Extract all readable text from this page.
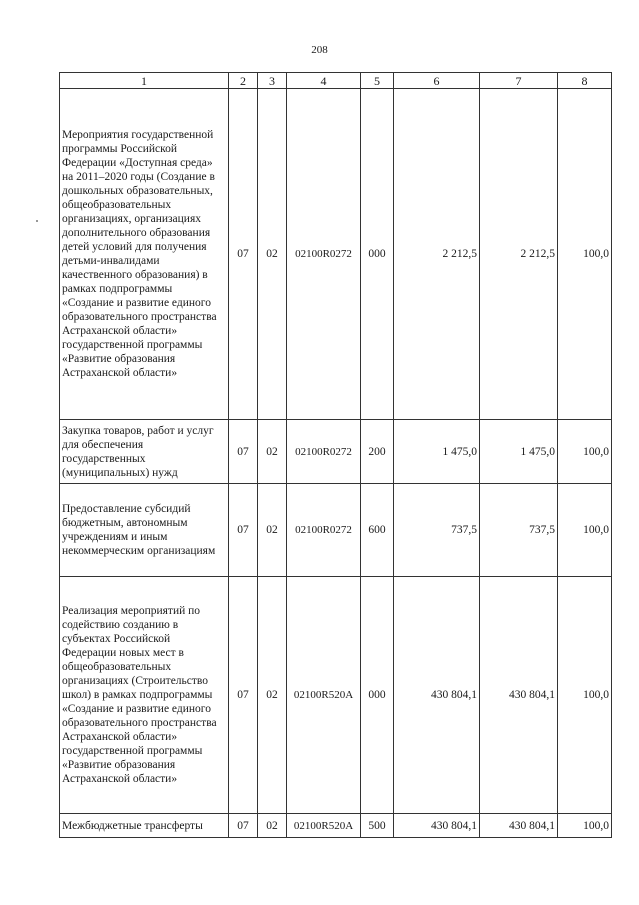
208
1	2	3	4	5	6	7	8
Мероприятия государственной программы Российской Федерации «Доступная среда» на 2011–2020 годы (Создание в дошкольных образовательных, общеобразовательных организациях, организациях дополнительного образования детей условий для получения детьми-инвалидами качественного образования) в рамках подпрограммы «Создание и развитие единого образовательного пространства Астраханской области» государственной программы «Развитие образования Астраханской области»	07	02	02100R0272	000	2 212,5	2 212,5	100,0
Закупка товаров, работ и услуг для обеспечения государственных (муниципальных) нужд	07	02	02100R0272	200	1 475,0	1 475,0	100,0
Предоставление субсидий бюджетным, автономным учреждениям и иным некоммерческим организациям	07	02	02100R0272	600	737,5	737,5	100,0
Реализация мероприятий по содействию созданию в субъектах Российской Федерации новых мест в общеобразовательных организациях (Строительство школ) в рамках подпрограммы «Создание и развитие единого образовательного пространства Астраханской области» государственной программы «Развитие образования Астраханской области»	07	02	02100R520A	000	430 804,1	430 804,1	100,0
Межбюджетные трансферты	07	02	02100R520A	500	430 804,1	430 804,1	100,0
